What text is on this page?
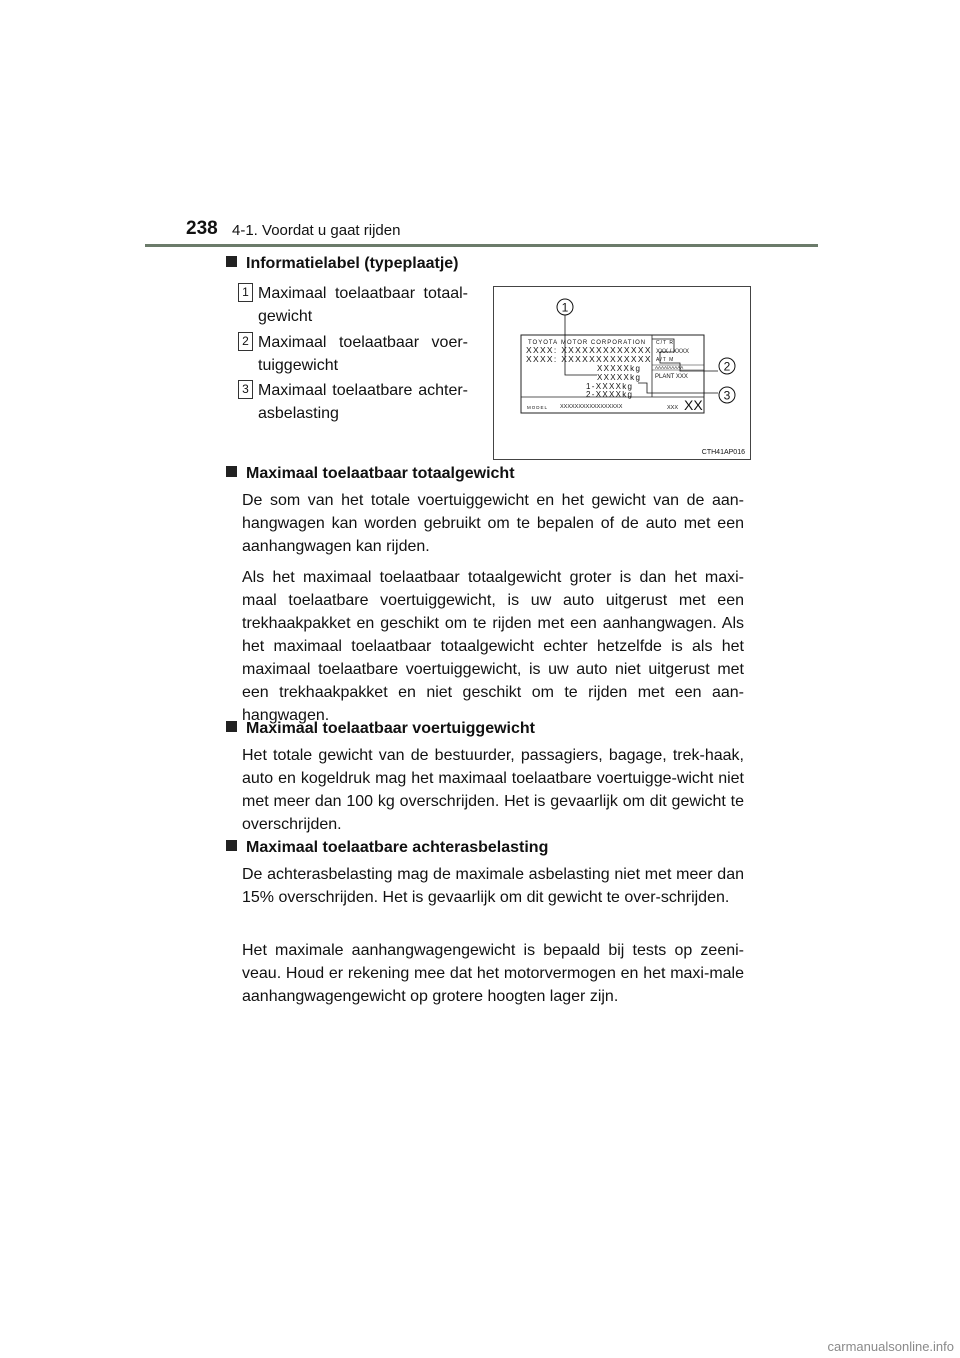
238 4-1. Voordat u gaat rijden
Informatielabel (typeplaatje)
1 Maximaal toelaatbaar totaal-gewicht
2 Maximaal toelaatbaar voer-tuiggewicht
3 Maximaal toelaatbare achter-asbelasting
TOYOTA MOTOR CORPORATION
XXXX: XXXXXXXXXXXXX
XXXX: XXXXXXXXXXXXX
XXXXXkg
XXXXXkg
1-XXXXkg
2-XXXXkg
C/T R
XXX / XXXX
A/T M
AAAA/AAAAA
PLANT XXX
MODEL XXXXXXXXXXXXXXXXX	XXX XX
1
2
3
CTH41AP016
Maximaal toelaatbaar totaalgewicht
De som van het totale voertuiggewicht en het gewicht van de aan-hangwagen kan worden gebruikt om te bepalen of de auto met een aanhangwagen kan rijden.
Als het maximaal toelaatbaar totaalgewicht groter is dan het maxi-maal toelaatbare voertuiggewicht, is uw auto uitgerust met een trekhaakpakket en geschikt om te rijden met een aanhangwagen. Als het maximaal toelaatbaar totaalgewicht echter hetzelfde is als het maximaal toelaatbare voertuiggewicht, is uw auto niet uitgerust met een trekhaakpakket en niet geschikt om te rijden met een aan-hangwagen.
Maximaal toelaatbaar voertuiggewicht
Het totale gewicht van de bestuurder, passagiers, bagage, trek-haak, auto en kogeldruk mag het maximaal toelaatbare voertuigge-wicht niet met meer dan 100 kg overschrijden. Het is gevaarlijk om dit gewicht te overschrijden.
Maximaal toelaatbare achterasbelasting
De achterasbelasting mag de maximale asbelasting niet met meer dan 15% overschrijden. Het is gevaarlijk om dit gewicht te over-schrijden.
Het maximale aanhangwagengewicht is bepaald bij tests op zeeni-veau. Houd er rekening mee dat het motorvermogen en het maxi-male aanhangwagengewicht op grotere hoogten lager zijn.
carmanualsonline.info
